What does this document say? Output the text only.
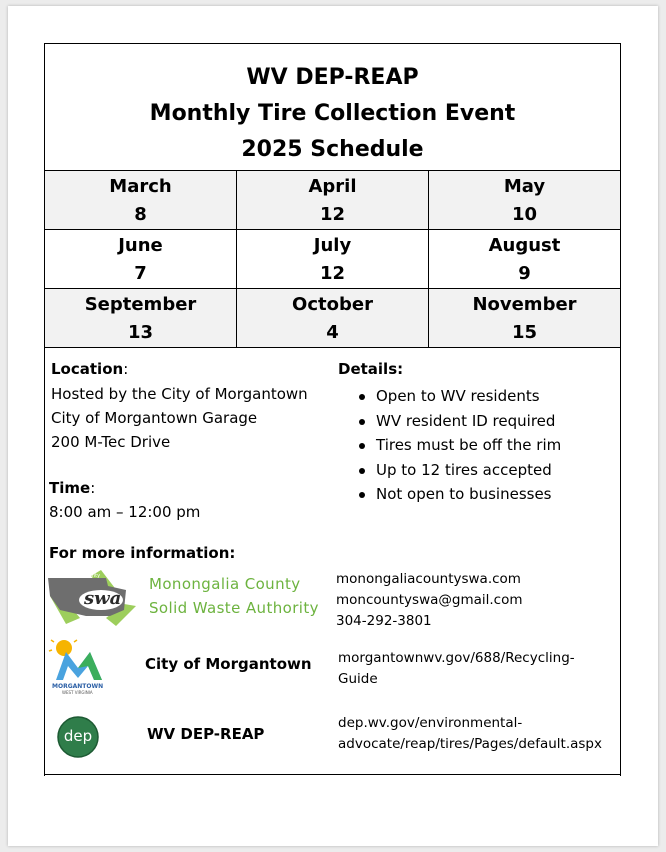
WV DEP-REAP
Monthly Tire Collection Event
2025 Schedule
March
8
April
12
May
10
June
7
July
12
August
9
September
13
October
4
November
15
Location:
Hosted by the City of Morgantown
City of Morgantown Garage
200 M-Tec Drive
Time:
8:00 am – 12:00 pm
Details:
Open to WV residents
WV resident ID required
Tires must be off the rim
Up to 12 tires accepted
Not open to businesses
For more information:
monongalia county
swa
Monongalia County
Solid Waste Authority
monongaliacountyswa.com
moncountyswa@gmail.com
304-292-3801
MORGANTOWN
WEST VIRGINIA
City of Morgantown morgantownwv.gov/688/Recycling-
Guide
dep	WV DEP-REAP
dep.wv.gov/environmental-
advocate/reap/tires/Pages/default.aspx
